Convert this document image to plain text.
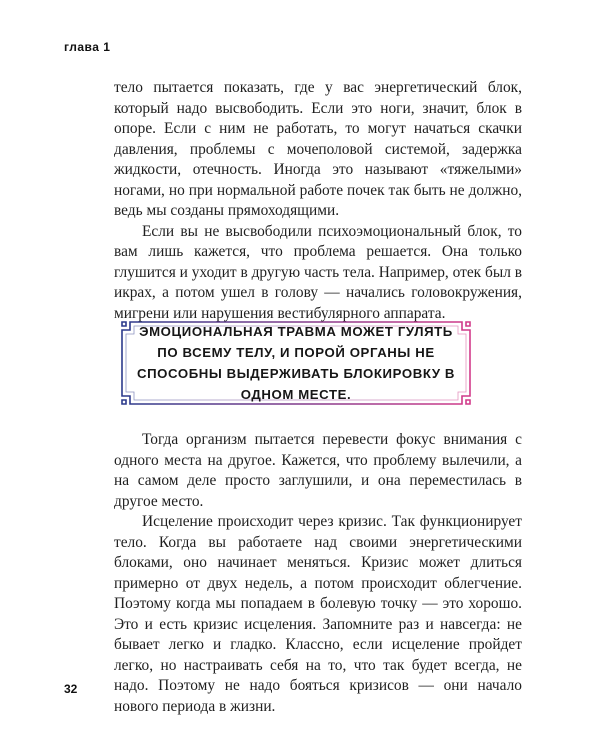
глава 1

тело пытается показать, где у вас энергетический блок, который надо высвободить. Если это ноги, значит, блок в опоре. Если с ним не работать, то могут начаться скачки давления, проблемы с мочеполовой системой, задержка жидкости, отечность. Иногда это называют «тяжелыми» ногами, но при нормальной работе почек так быть не должно, ведь мы созданы прямоходящими.

Если вы не высвободили психоэмоциональный блок, то вам лишь кажется, что проблема решается. Она только глушится и уходит в другую часть тела. Например, отек был в икрах, а потом ушел в голову — начались головокружения, мигрени или нарушения вестибулярного аппарата.

ЭМОЦИОНАЛЬНАЯ ТРАВМА МОЖЕТ ГУЛЯТЬ ПО ВСЕМУ ТЕЛУ, И ПОРОЙ ОРГАНЫ НЕ СПОСОБНЫ ВЫДЕРЖИВАТЬ БЛОКИРОВКУ В ОДНОМ МЕСТЕ.

Тогда организм пытается перевести фокус внимания с одного места на другое. Кажется, что проблему вылечили, а на самом деле просто заглушили, и она переместилась в другое место.

Исцеление происходит через кризис. Так функционирует тело. Когда вы работаете над своими энергетическими блоками, оно начинает меняться. Кризис может длиться примерно от двух недель, а потом происходит облегчение. Поэтому когда мы попадаем в болевую точку — это хорошо. Это и есть кризис исцеления. Запомните раз и навсегда: не бывает легко и гладко. Классно, если исцеление пройдет легко, но настраивать себя на то, что так будет всегда, не надо. Поэтому не надо бояться кризисов — они начало нового периода в жизни.

32
